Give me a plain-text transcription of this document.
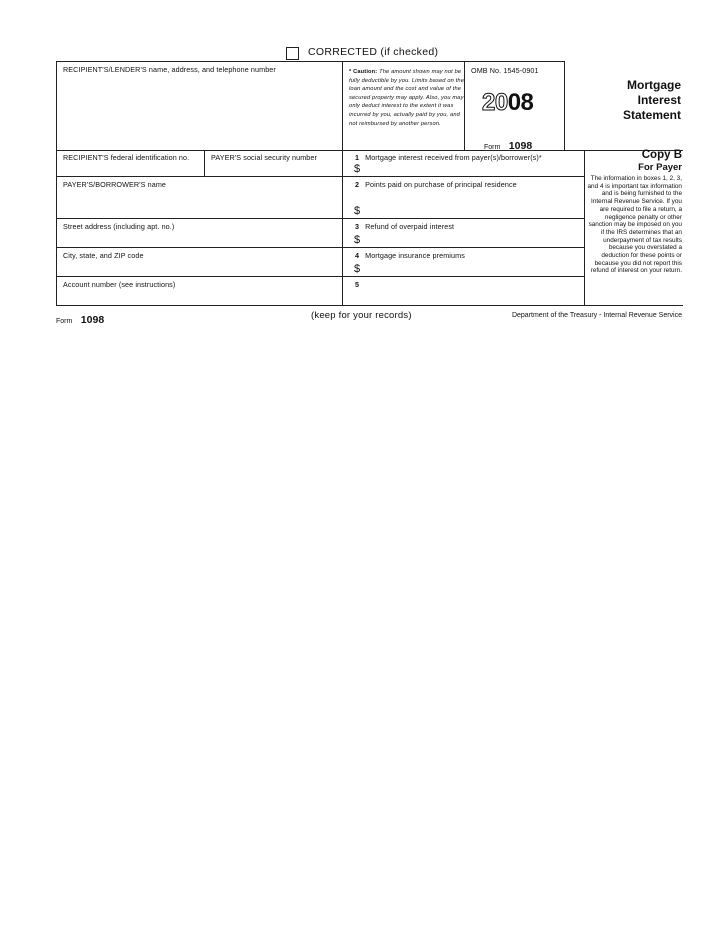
CORRECTED (if checked)
RECIPIENT'S/LENDER'S name, address, and telephone number
RECIPIENT'S federal identification no.
* Caution: The amount shown may not be fully deductible by you. Limits based on the loan amount and the cost and value of the secured property may apply. Also, you may only deduct interest to the extent it was incurred by you, actually paid by you, and not reimbursed by another person.
OMB No. 1545-0901
2008
Form 1098
Mortgage
Interest
Statement
PAYER'S social security number
PAYER'S/BORROWER'S name
Street address (including apt. no.)
City, state, and ZIP code
Account number (see instructions)
1 Mortgage interest received from payer(s)/borrower(s)*
$
2 Points paid on purchase of principal residence
$
3 Refund of overpaid interest
$
4 Mortgage insurance premiums
$
5
Copy B
For Payer
The information in boxes 1, 2, 3, and 4 is important tax information and is being furnished to the Internal Revenue Service. If you are required to file a return, a negligence penalty or other sanction may be imposed on you if the IRS determines that an underpayment of tax results because you overstated a deduction for these points or because you did not report this refund of interest on your return.
Form 1098	(keep for your records)	Department of the Treasury - Internal Revenue Service
